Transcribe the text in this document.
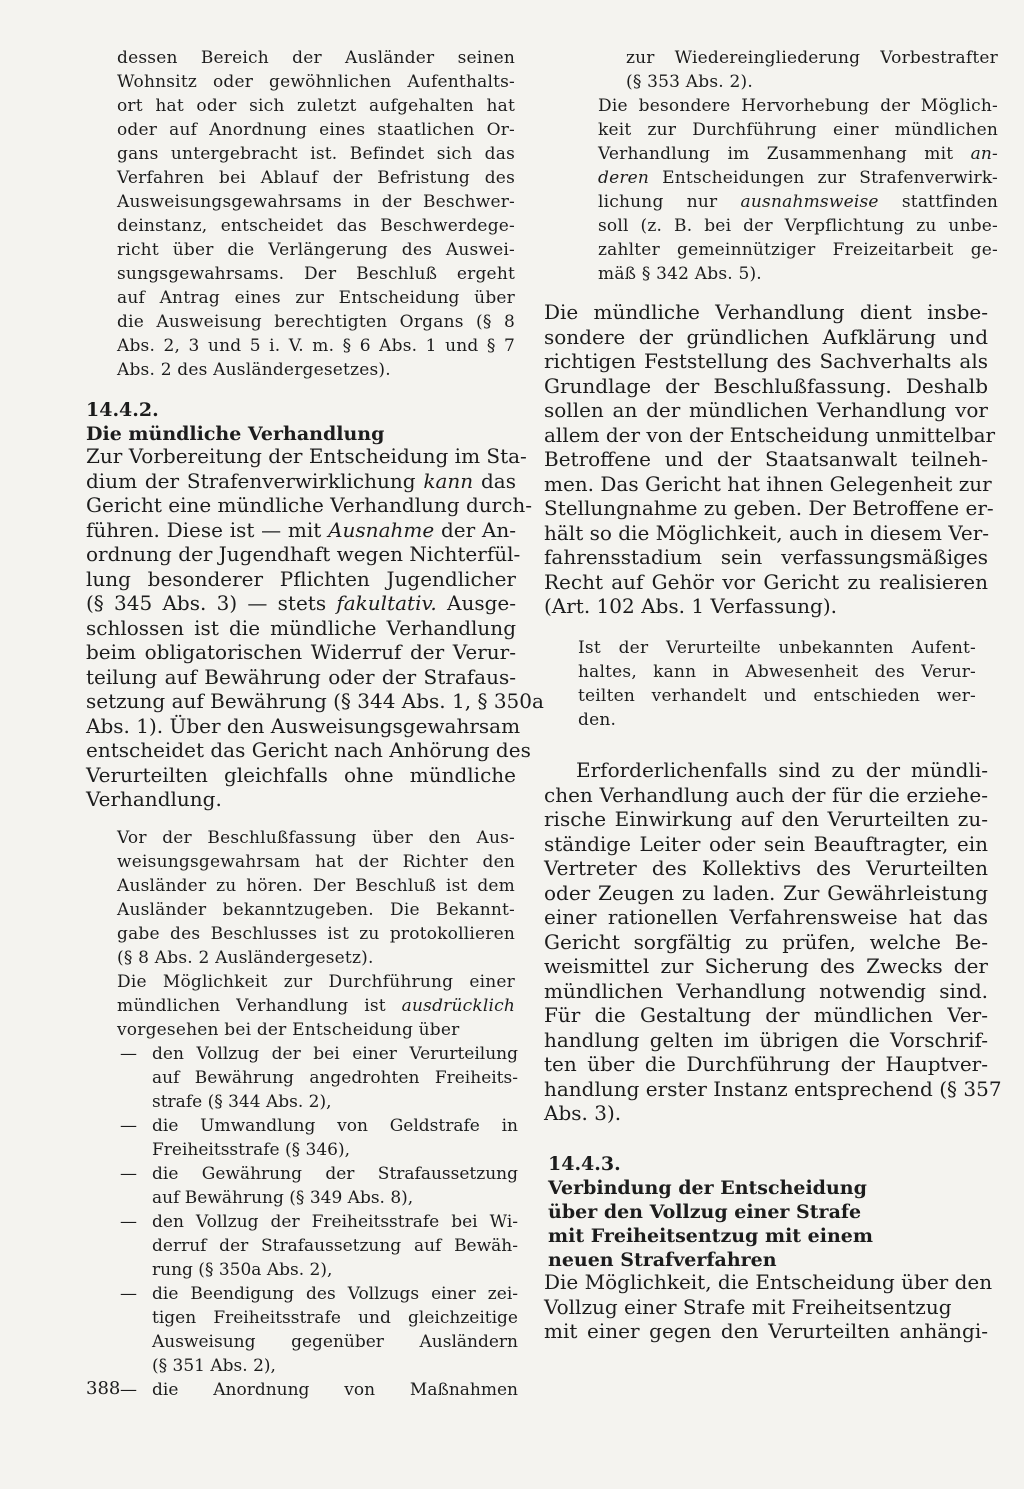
dessen Bereich der Ausländer seinen
Wohnsitz oder gewöhnlichen Aufenthalts-
ort hat oder sich zuletzt aufgehalten hat
oder auf Anordnung eines staatlichen Or-
gans untergebracht ist. Befindet sich das
Verfahren bei Ablauf der Befristung des
Ausweisungsgewahrsams in der Beschwer-
deinstanz, entscheidet das Beschwerdege-
richt über die Verlängerung des Auswei-
sungsgewahrsams. Der Beschluß ergeht
auf Antrag eines zur Entscheidung über
die Ausweisung berechtigten Organs (§ 8
Abs. 2, 3 und 5 i. V. m. § 6 Abs. 1 und § 7
Abs. 2 des Ausländergesetzes).

14.4.2.
Die mündliche Verhandlung

Zur Vorbereitung der Entscheidung im Sta-
dium der Strafenverwirklichung kann das
Gericht eine mündliche Verhandlung durch-
führen. Diese ist — mit Ausnahme der An-
ordnung der Jugendhaft wegen Nichterfül-
lung besonderer Pflichten Jugendlicher
(§ 345 Abs. 3) — stets fakultativ. Ausge-
schlossen ist die mündliche Verhandlung
beim obligatorischen Widerruf der Verur-
teilung auf Bewährung oder der Strafaus-
setzung auf Bewährung (§ 344 Abs. 1, § 350a
Abs. 1). Über den Ausweisungsgewahrsam
entscheidet das Gericht nach Anhörung des
Verurteilten gleichfalls ohne mündliche
Verhandlung.

Vor der Beschlußfassung über den Aus-
weisungsgewahrsam hat der Richter den
Ausländer zu hören. Der Beschluß ist dem
Ausländer bekanntzugeben. Die Bekannt-
gabe des Beschlusses ist zu protokollieren
(§ 8 Abs. 2 Ausländergesetz).
Die Möglichkeit zur Durchführung einer
mündlichen Verhandlung ist ausdrücklich
vorgesehen bei der Entscheidung über

— den Vollzug der bei einer Verurteilung
auf Bewährung angedrohten Freiheits-
strafe (§ 344 Abs. 2),
— die Umwandlung von Geldstrafe in
Freiheitsstrafe (§ 346),
— die Gewährung der Strafaussetzung
auf Bewährung (§ 349 Abs. 8),
— den Vollzug der Freiheitsstrafe bei Wi-
derruf der Strafaussetzung auf Bewäh-
rung (§ 350a Abs. 2),
— die Beendigung des Vollzugs einer zei-
tigen Freiheitsstrafe und gleichzeitige
Ausweisung gegenüber Ausländern
(§ 351 Abs. 2),
— die Anordnung von Maßnahmen

388

zur Wiedereingliederung Vorbestrafter
(§ 353 Abs. 2).
Die besondere Hervorhebung der Möglich-
keit zur Durchführung einer mündlichen
Verhandlung im Zusammenhang mit an-
deren Entscheidungen zur Strafenverwirk-
lichung nur ausnahmsweise stattfinden
soll (z. B. bei der Verpflichtung zu unbe-
zahlter gemeinnütziger Freizeitarbeit ge-
mäß § 342 Abs. 5).

Die mündliche Verhandlung dient insbe-
sondere der gründlichen Aufklärung und
richtigen Feststellung des Sachverhalts als
Grundlage der Beschlußfassung. Deshalb
sollen an der mündlichen Verhandlung vor
allem der von der Entscheidung unmittelbar
Betroffene und der Staatsanwalt teilneh-
men. Das Gericht hat ihnen Gelegenheit zur
Stellungnahme zu geben. Der Betroffene er-
hält so die Möglichkeit, auch in diesem Ver-
fahrensstadium sein verfassungsmäßiges
Recht auf Gehör vor Gericht zu realisieren
(Art. 102 Abs. 1 Verfassung).

Ist der Verurteilte unbekannten Aufent-
haltes, kann in Abwesenheit des Verur-
teilten verhandelt und entschieden wer-
den.

Erforderlichenfalls sind zu der mündli-
chen Verhandlung auch der für die erziehe-
rische Einwirkung auf den Verurteilten zu-
ständige Leiter oder sein Beauftragter, ein
Vertreter des Kollektivs des Verurteilten
oder Zeugen zu laden. Zur Gewährleistung
einer rationellen Verfahrensweise hat das
Gericht sorgfältig zu prüfen, welche Be-
weismittel zur Sicherung des Zwecks der
mündlichen Verhandlung notwendig sind.
Für die Gestaltung der mündlichen Ver-
handlung gelten im übrigen die Vorschrif-
ten über die Durchführung der Hauptver-
handlung erster Instanz entsprechend (§ 357
Abs. 3).

14.4.3.
Verbindung der Entscheidung
über den Vollzug einer Strafe
mit Freiheitsentzug mit einem
neuen Strafverfahren

Die Möglichkeit, die Entscheidung über den
Vollzug einer Strafe mit Freiheitsentzug
mit einer gegen den Verurteilten anhängi-
